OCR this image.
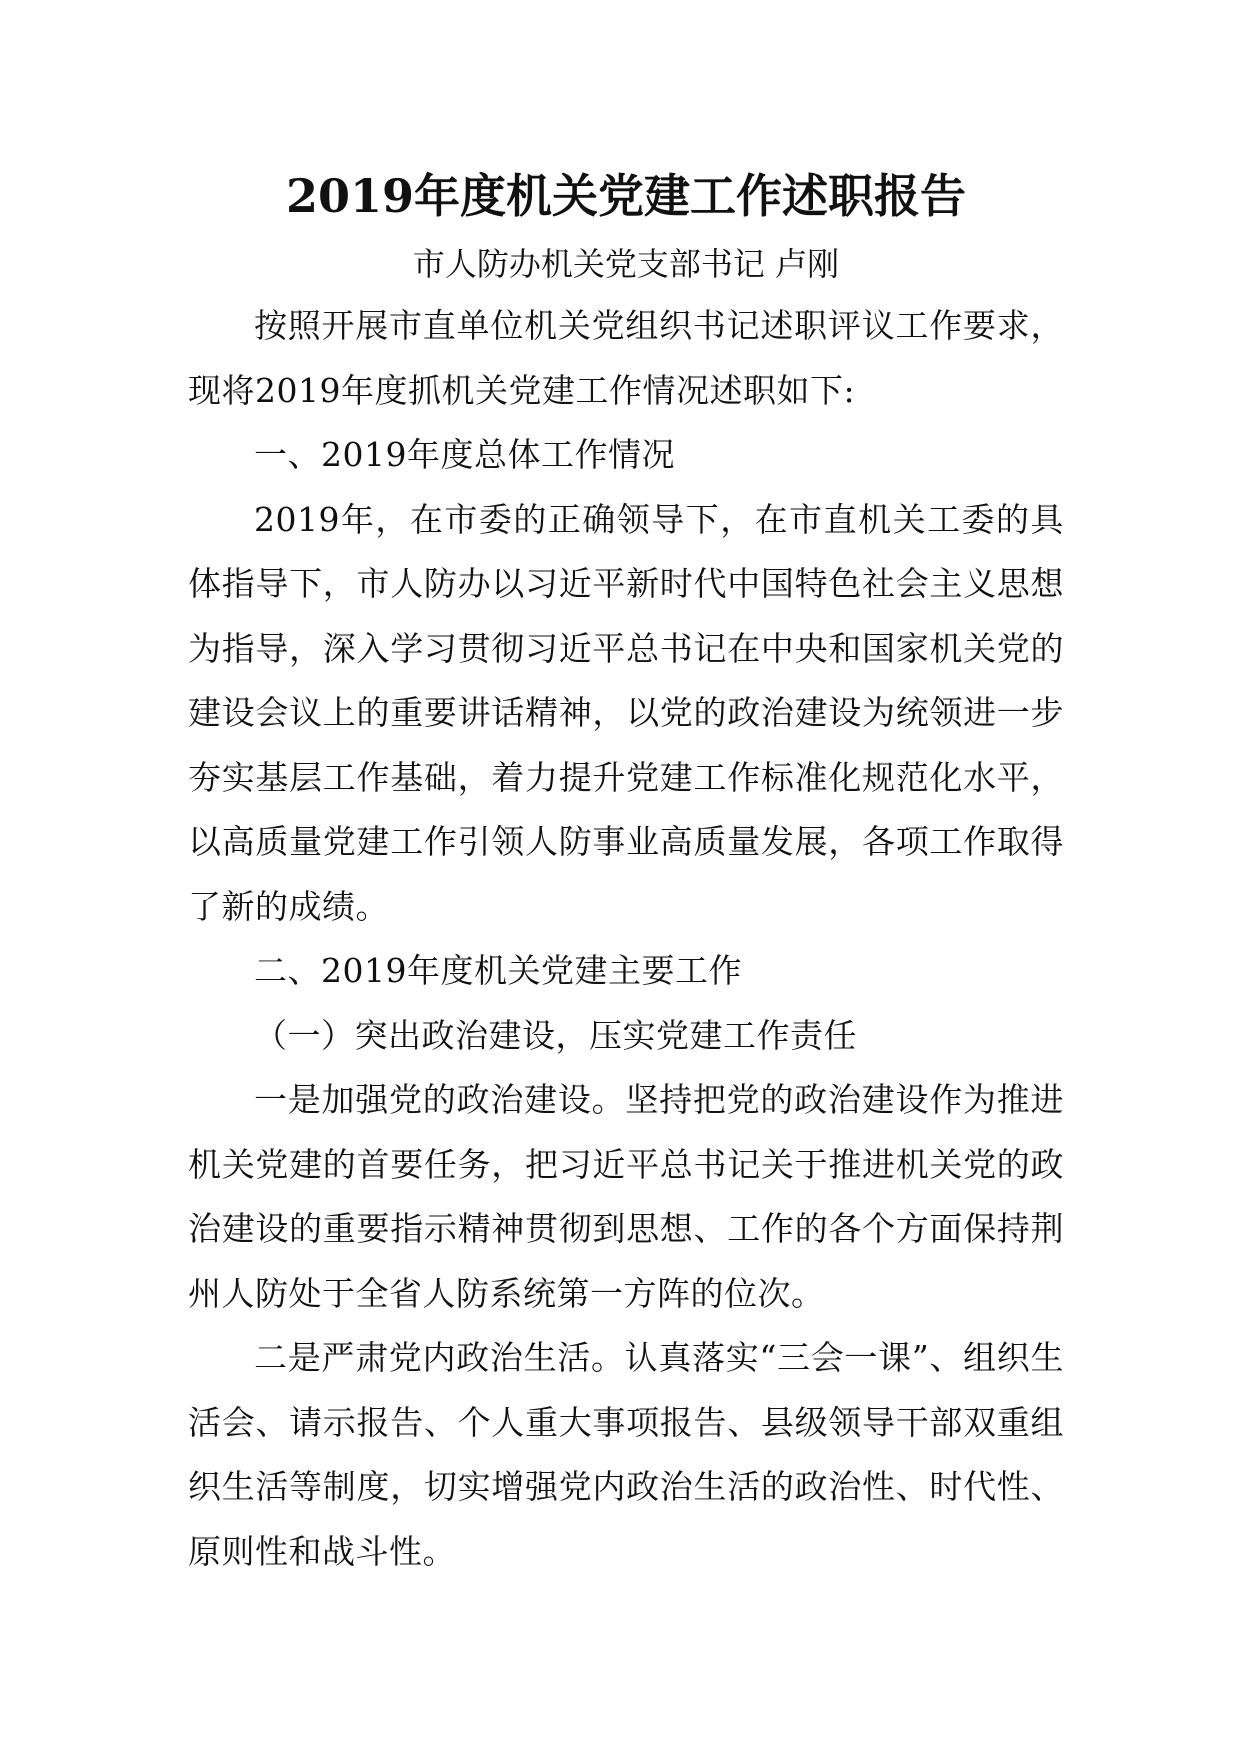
2019年度机关党建工作述职报告

市人防办机关党支部书记 卢刚

按照开展市直单位机关党组织书记述职评议工作要求，现将2019年度抓机关党建工作情况述职如下:

一、2019年度总体工作情况

2019年，在市委的正确领导下，在市直机关工委的具体指导下，市人防办以习近平新时代中国特色社会主义思想为指导，深入学习贯彻习近平总书记在中央和国家机关党的建设会议上的重要讲话精神，以党的政治建设为统领进一步夯实基层工作基础，着力提升党建工作标准化规范化水平，以高质量党建工作引领人防事业高质量发展，各项工作取得了新的成绩。

二、2019年度机关党建主要工作

（一）突出政治建设，压实党建工作责任

一是加强党的政治建设。坚持把党的政治建设作为推进机关党建的首要任务，把习近平总书记关于推进机关党的政治建设的重要指示精神贯彻到思想、工作的各个方面保持荆州人防处于全省人防系统第一方阵的位次。

二是严肃党内政治生活。认真落实“三会一课”、组织生活会、请示报告、个人重大事项报告、县级领导干部双重组织生活等制度，切实增强党内政治生活的政治性、时代性、原则性和战斗性。
